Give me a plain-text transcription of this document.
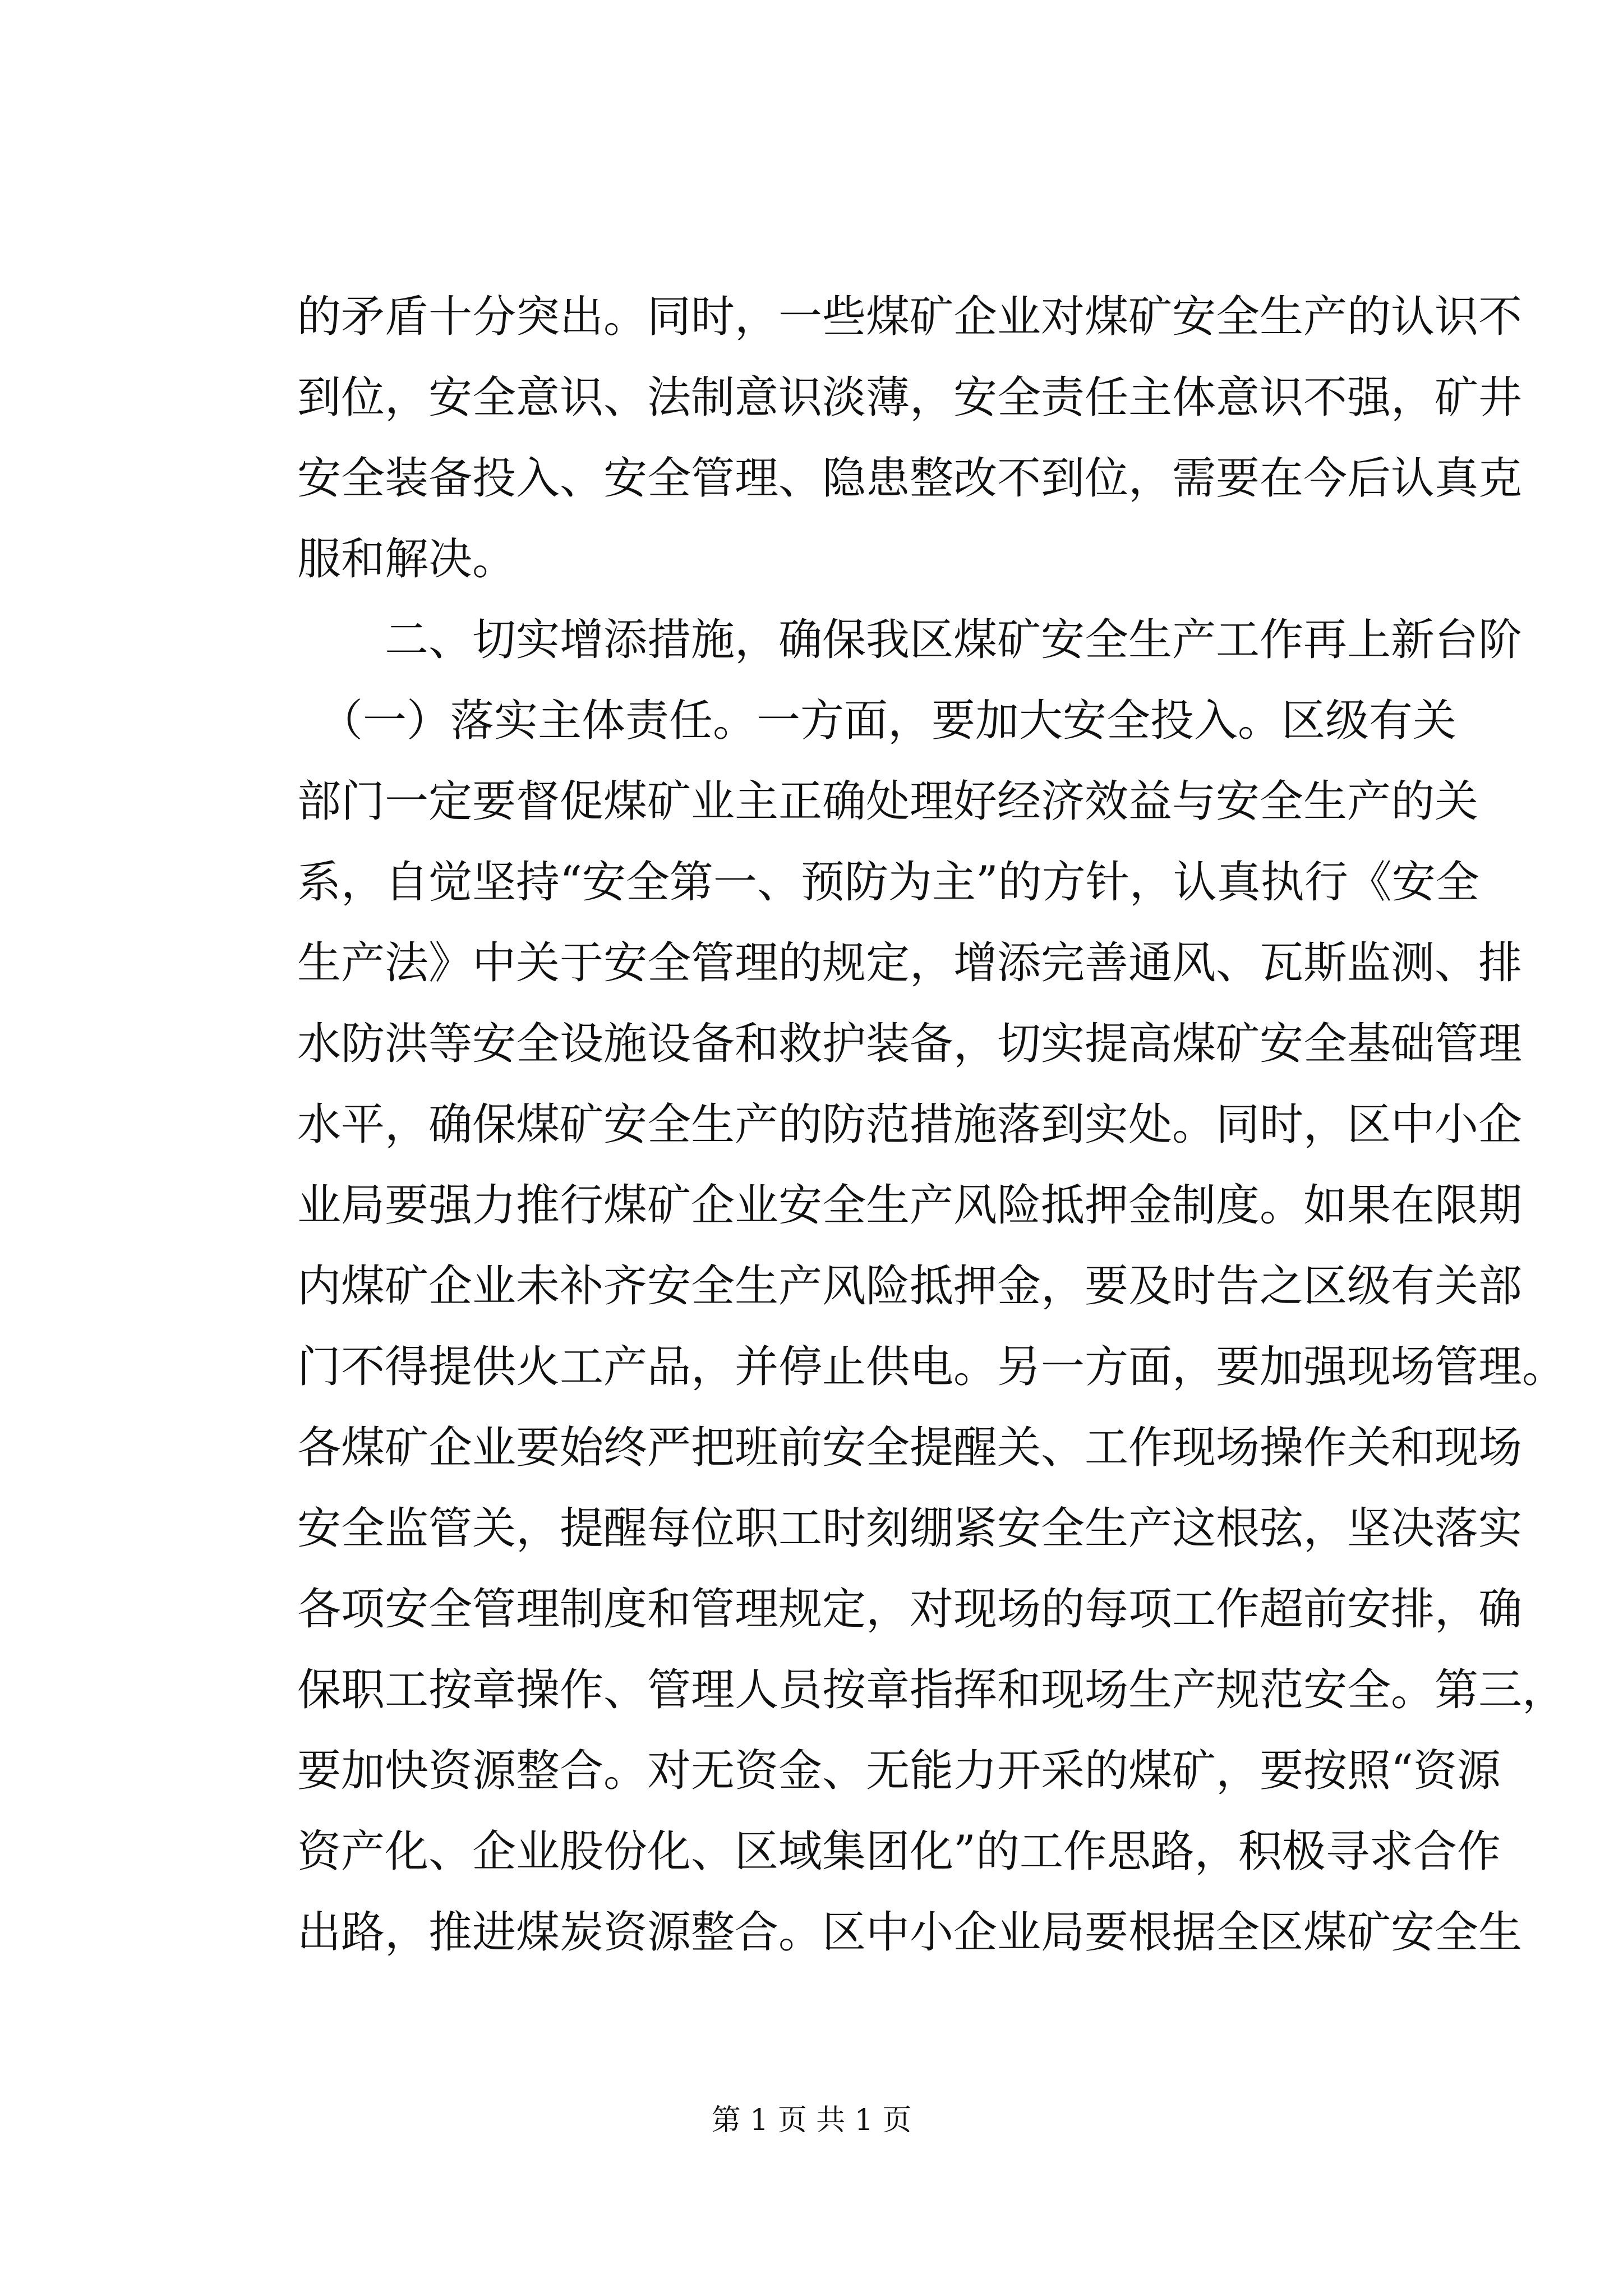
的矛盾十分突出。同时，一些煤矿企业对煤矿安全生产的认识不
到位，安全意识、法制意识淡薄，安全责任主体意识不强，矿井
安全装备投入、安全管理、隐患整改不到位，需要在今后认真克
服和解决。
二、切实增添措施，确保我区煤矿安全生产工作再上新台阶
（一）落实主体责任。一方面，要加大安全投入。区级有关
部门一定要督促煤矿业主正确处理好经济效益与安全生产的关
系，自觉坚持“安全第一、预防为主”的方针，认真执行《安全
生产法》中关于安全管理的规定，增添完善通风、瓦斯监测、排
水防洪等安全设施设备和救护装备，切实提高煤矿安全基础管理
水平，确保煤矿安全生产的防范措施落到实处。同时，区中小企
业局要强力推行煤矿企业安全生产风险抵押金制度。如果在限期
内煤矿企业未补齐安全生产风险抵押金，要及时告之区级有关部
门不得提供火工产品，并停止供电。另一方面，要加强现场管理。
各煤矿企业要始终严把班前安全提醒关、工作现场操作关和现场
安全监管关，提醒每位职工时刻绷紧安全生产这根弦，坚决落实
各项安全管理制度和管理规定，对现场的每项工作超前安排，确
保职工按章操作、管理人员按章指挥和现场生产规范安全。第三，
要加快资源整合。对无资金、无能力开采的煤矿，要按照“资源
资产化、企业股份化、区域集团化”的工作思路，积极寻求合作
出路，推进煤炭资源整合。区中小企业局要根据全区煤矿安全生
第 1 页 共 1 页
